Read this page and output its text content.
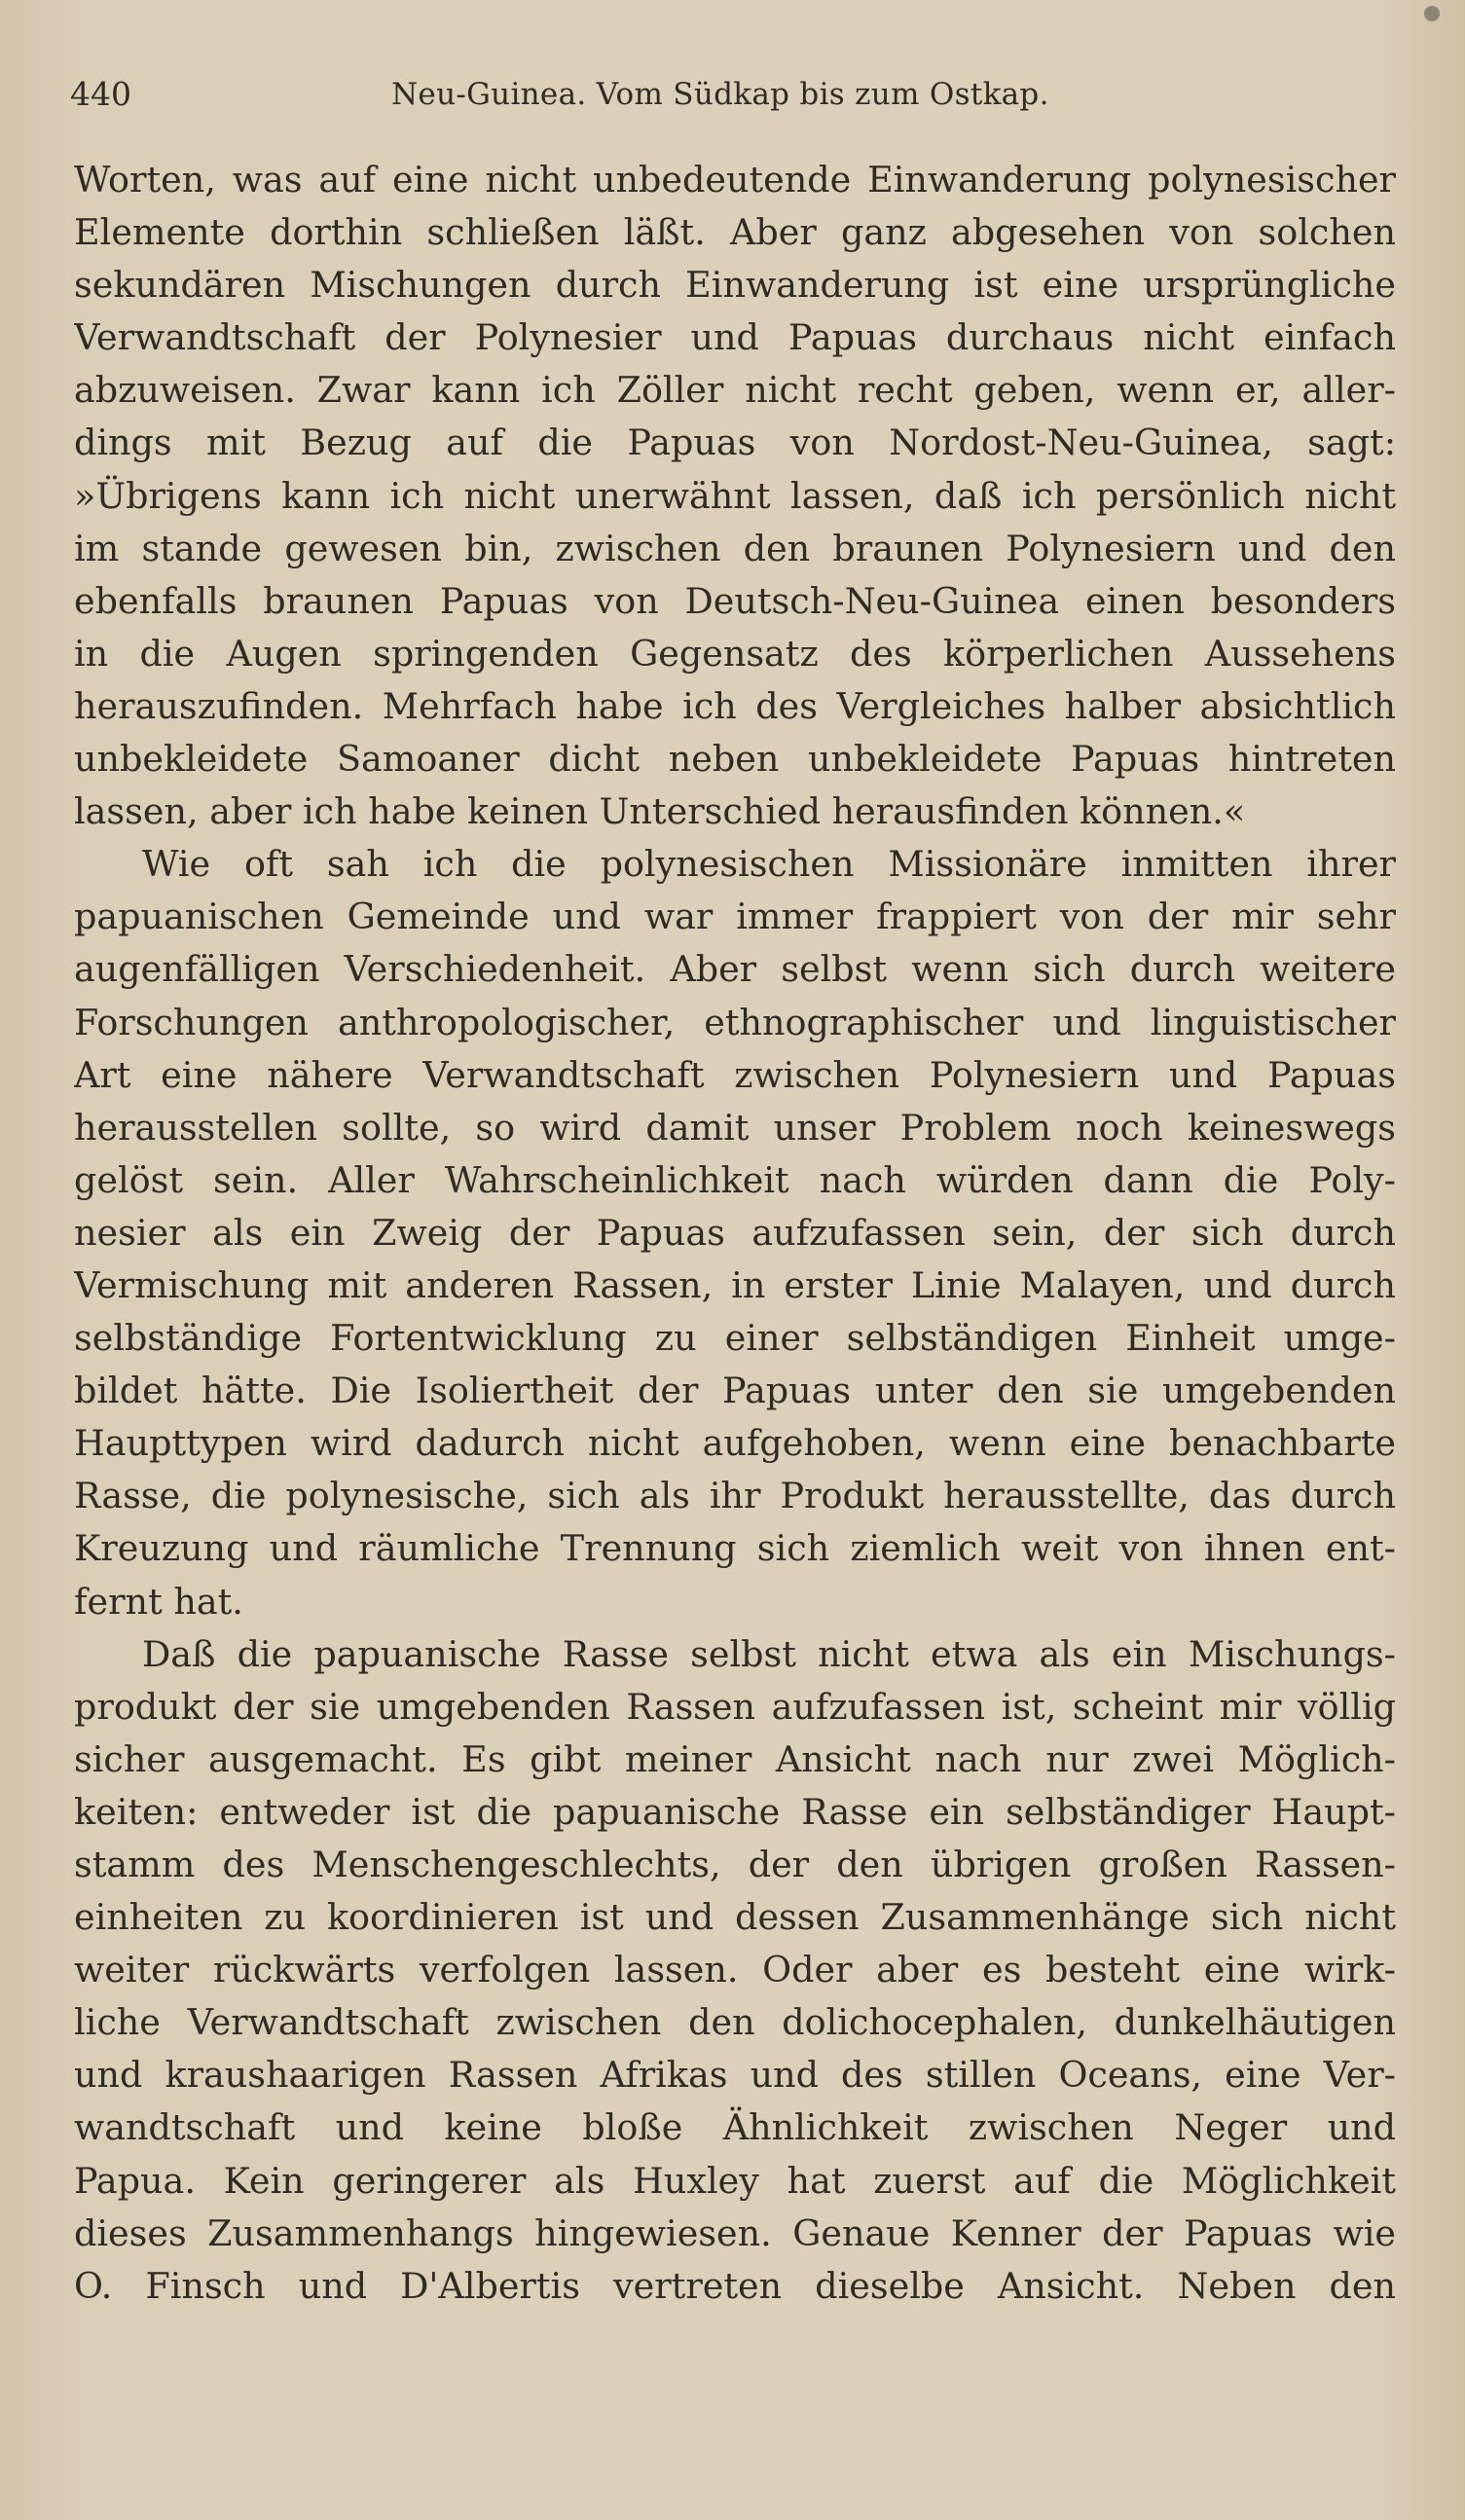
440	Neu-Guinea. Vom Südkap bis zum Ostkap.
Worten, was auf eine nicht unbedeutende Einwanderung polynesischer
Elemente dorthin schließen läßt. Aber ganz abgesehen von solchen
sekundären Mischungen durch Einwanderung ist eine ursprüngliche
Verwandtschaft der Polynesier und Papuas durchaus nicht einfach
abzuweisen. Zwar kann ich Zöller nicht recht geben, wenn er, aller-
dings mit Bezug auf die Papuas von Nordost-Neu-Guinea, sagt:
»Übrigens kann ich nicht unerwähnt lassen, daß ich persönlich nicht
im stande gewesen bin, zwischen den braunen Polynesiern und den
ebenfalls braunen Papuas von Deutsch-Neu-Guinea einen besonders
in die Augen springenden Gegensatz des körperlichen Aussehens
herauszufinden. Mehrfach habe ich des Vergleiches halber absichtlich
unbekleidete Samoaner dicht neben unbekleidete Papuas hintreten
lassen, aber ich habe keinen Unterschied herausfinden können.«
Wie oft sah ich die polynesischen Missionäre inmitten ihrer
papuanischen Gemeinde und war immer frappiert von der mir sehr
augenfälligen Verschiedenheit. Aber selbst wenn sich durch weitere
Forschungen anthropologischer, ethnographischer und linguistischer
Art eine nähere Verwandtschaft zwischen Polynesiern und Papuas
herausstellen sollte, so wird damit unser Problem noch keineswegs
gelöst sein. Aller Wahrscheinlichkeit nach würden dann die Poly-
nesier als ein Zweig der Papuas aufzufassen sein, der sich durch
Vermischung mit anderen Rassen, in erster Linie Malayen, und durch
selbständige Fortentwicklung zu einer selbständigen Einheit umge-
bildet hätte. Die Isoliertheit der Papuas unter den sie umgebenden
Haupttypen wird dadurch nicht aufgehoben, wenn eine benachbarte
Rasse, die polynesische, sich als ihr Produkt herausstellte, das durch
Kreuzung und räumliche Trennung sich ziemlich weit von ihnen ent-
fernt hat.
Daß die papuanische Rasse selbst nicht etwa als ein Mischungs-
produkt der sie umgebenden Rassen aufzufassen ist, scheint mir völlig
sicher ausgemacht. Es gibt meiner Ansicht nach nur zwei Möglich-
keiten: entweder ist die papuanische Rasse ein selbständiger Haupt-
stamm des Menschengeschlechts, der den übrigen großen Rassen-
einheiten zu koordinieren ist und dessen Zusammenhänge sich nicht
weiter rückwärts verfolgen lassen. Oder aber es besteht eine wirk-
liche Verwandtschaft zwischen den dolichocephalen, dunkelhäutigen
und kraushaarigen Rassen Afrikas und des stillen Oceans, eine Ver-
wandtschaft und keine bloße Ähnlichkeit zwischen Neger und
Papua. Kein geringerer als Huxley hat zuerst auf die Möglichkeit
dieses Zusammenhangs hingewiesen. Genaue Kenner der Papuas wie
O. Finsch und D'Albertis vertreten dieselbe Ansicht. Neben den
